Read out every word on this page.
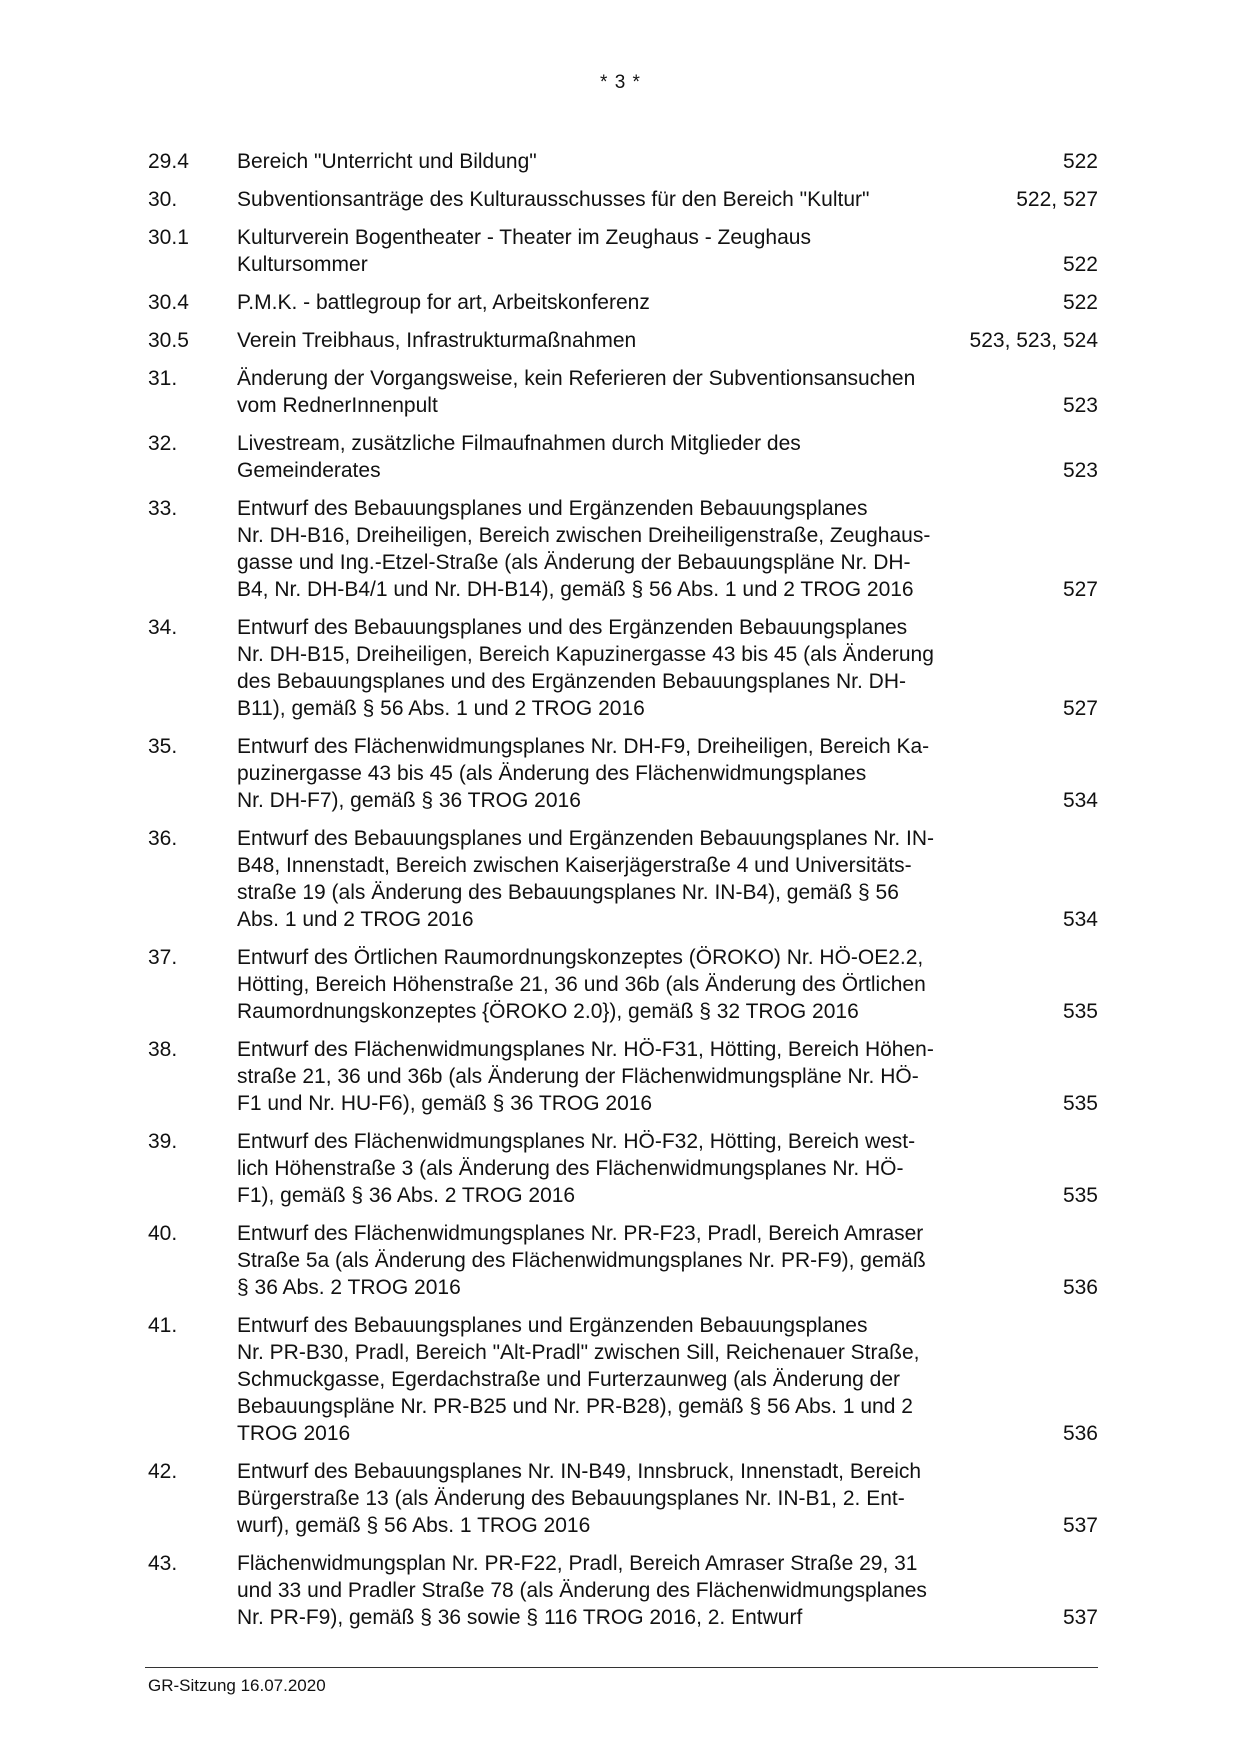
* 3 *
29.4	Bereich "Unterricht und Bildung"	522
30.	Subventionsanträge des Kulturausschusses für den Bereich "Kultur"	522, 527
30.1	Kulturverein Bogentheater - Theater im Zeughaus - Zeughaus
Kultursommer	522
30.4	P.M.K. - battlegroup for art, Arbeitskonferenz	522
30.5	Verein Treibhaus, Infrastrukturmaßnahmen	523, 523, 524
31.	Änderung der Vorgangsweise, kein Referieren der Subventionsansuchen
vom RednerInnenpult	523
32.	Livestream, zusätzliche Filmaufnahmen durch Mitglieder des
Gemeinderates	523
33.	Entwurf des Bebauungsplanes und Ergänzenden Bebauungsplanes
Nr. DH-B16, Dreiheiligen, Bereich zwischen Dreiheiligenstraße, Zeughaus-
gasse und Ing.-Etzel-Straße (als Änderung der Bebauungspläne Nr. DH-
B4, Nr. DH-B4/1 und Nr. DH-B14), gemäß § 56 Abs. 1 und 2 TROG 2016	527
34.	Entwurf des Bebauungsplanes und des Ergänzenden Bebauungsplanes
Nr. DH-B15, Dreiheiligen, Bereich Kapuzinergasse 43 bis 45 (als Änderung
des Bebauungsplanes und des Ergänzenden Bebauungsplanes Nr. DH-
B11), gemäß § 56 Abs. 1 und 2 TROG 2016	527
35.	Entwurf des Flächenwidmungsplanes Nr. DH-F9, Dreiheiligen, Bereich Ka-
puzinergasse 43 bis 45 (als Änderung des Flächenwidmungsplanes
Nr. DH-F7), gemäß § 36 TROG 2016	534
36.	Entwurf des Bebauungsplanes und Ergänzenden Bebauungsplanes Nr. IN-
B48, Innenstadt, Bereich zwischen Kaiserjägerstraße 4 und Universitäts-
straße 19 (als Änderung des Bebauungsplanes Nr. IN-B4), gemäß § 56
Abs. 1 und 2 TROG 2016	534
37.	Entwurf des Örtlichen Raumordnungskonzeptes (ÖROKO) Nr. HÖ-OE2.2,
Hötting, Bereich Höhenstraße 21, 36 und 36b (als Änderung des Örtlichen
Raumordnungskonzeptes {ÖROKO 2.0}), gemäß § 32 TROG 2016	535
38.	Entwurf des Flächenwidmungsplanes Nr. HÖ-F31, Hötting, Bereich Höhen-
straße 21, 36 und 36b (als Änderung der Flächenwidmungspläne Nr. HÖ-
F1 und Nr. HU-F6), gemäß § 36 TROG 2016	535
39.	Entwurf des Flächenwidmungsplanes Nr. HÖ-F32, Hötting, Bereich west-
lich Höhenstraße 3 (als Änderung des Flächenwidmungsplanes Nr. HÖ-
F1), gemäß § 36 Abs. 2 TROG 2016	535
40.	Entwurf des Flächenwidmungsplanes Nr. PR-F23, Pradl, Bereich Amraser
Straße 5a (als Änderung des Flächenwidmungsplanes Nr. PR-F9), gemäß
§ 36 Abs. 2 TROG 2016	536
41.	Entwurf des Bebauungsplanes und Ergänzenden Bebauungsplanes
Nr. PR-B30, Pradl, Bereich "Alt-Pradl" zwischen Sill, Reichenauer Straße,
Schmuckgasse, Egerdachstraße und Furterzaunweg (als Änderung der
Bebauungspläne Nr. PR-B25 und Nr. PR-B28), gemäß § 56 Abs. 1 und 2
TROG 2016	536
42.	Entwurf des Bebauungsplanes Nr. IN-B49, Innsbruck, Innenstadt, Bereich
Bürgerstraße 13 (als Änderung des Bebauungsplanes Nr. IN-B1, 2. Ent-
wurf), gemäß § 56 Abs. 1 TROG 2016	537
43.	Flächenwidmungsplan Nr. PR-F22, Pradl, Bereich Amraser Straße 29, 31
und 33 und Pradler Straße 78 (als Änderung des Flächenwidmungsplanes
Nr. PR-F9), gemäß § 36 sowie § 116 TROG 2016, 2. Entwurf	537
GR-Sitzung 16.07.2020
